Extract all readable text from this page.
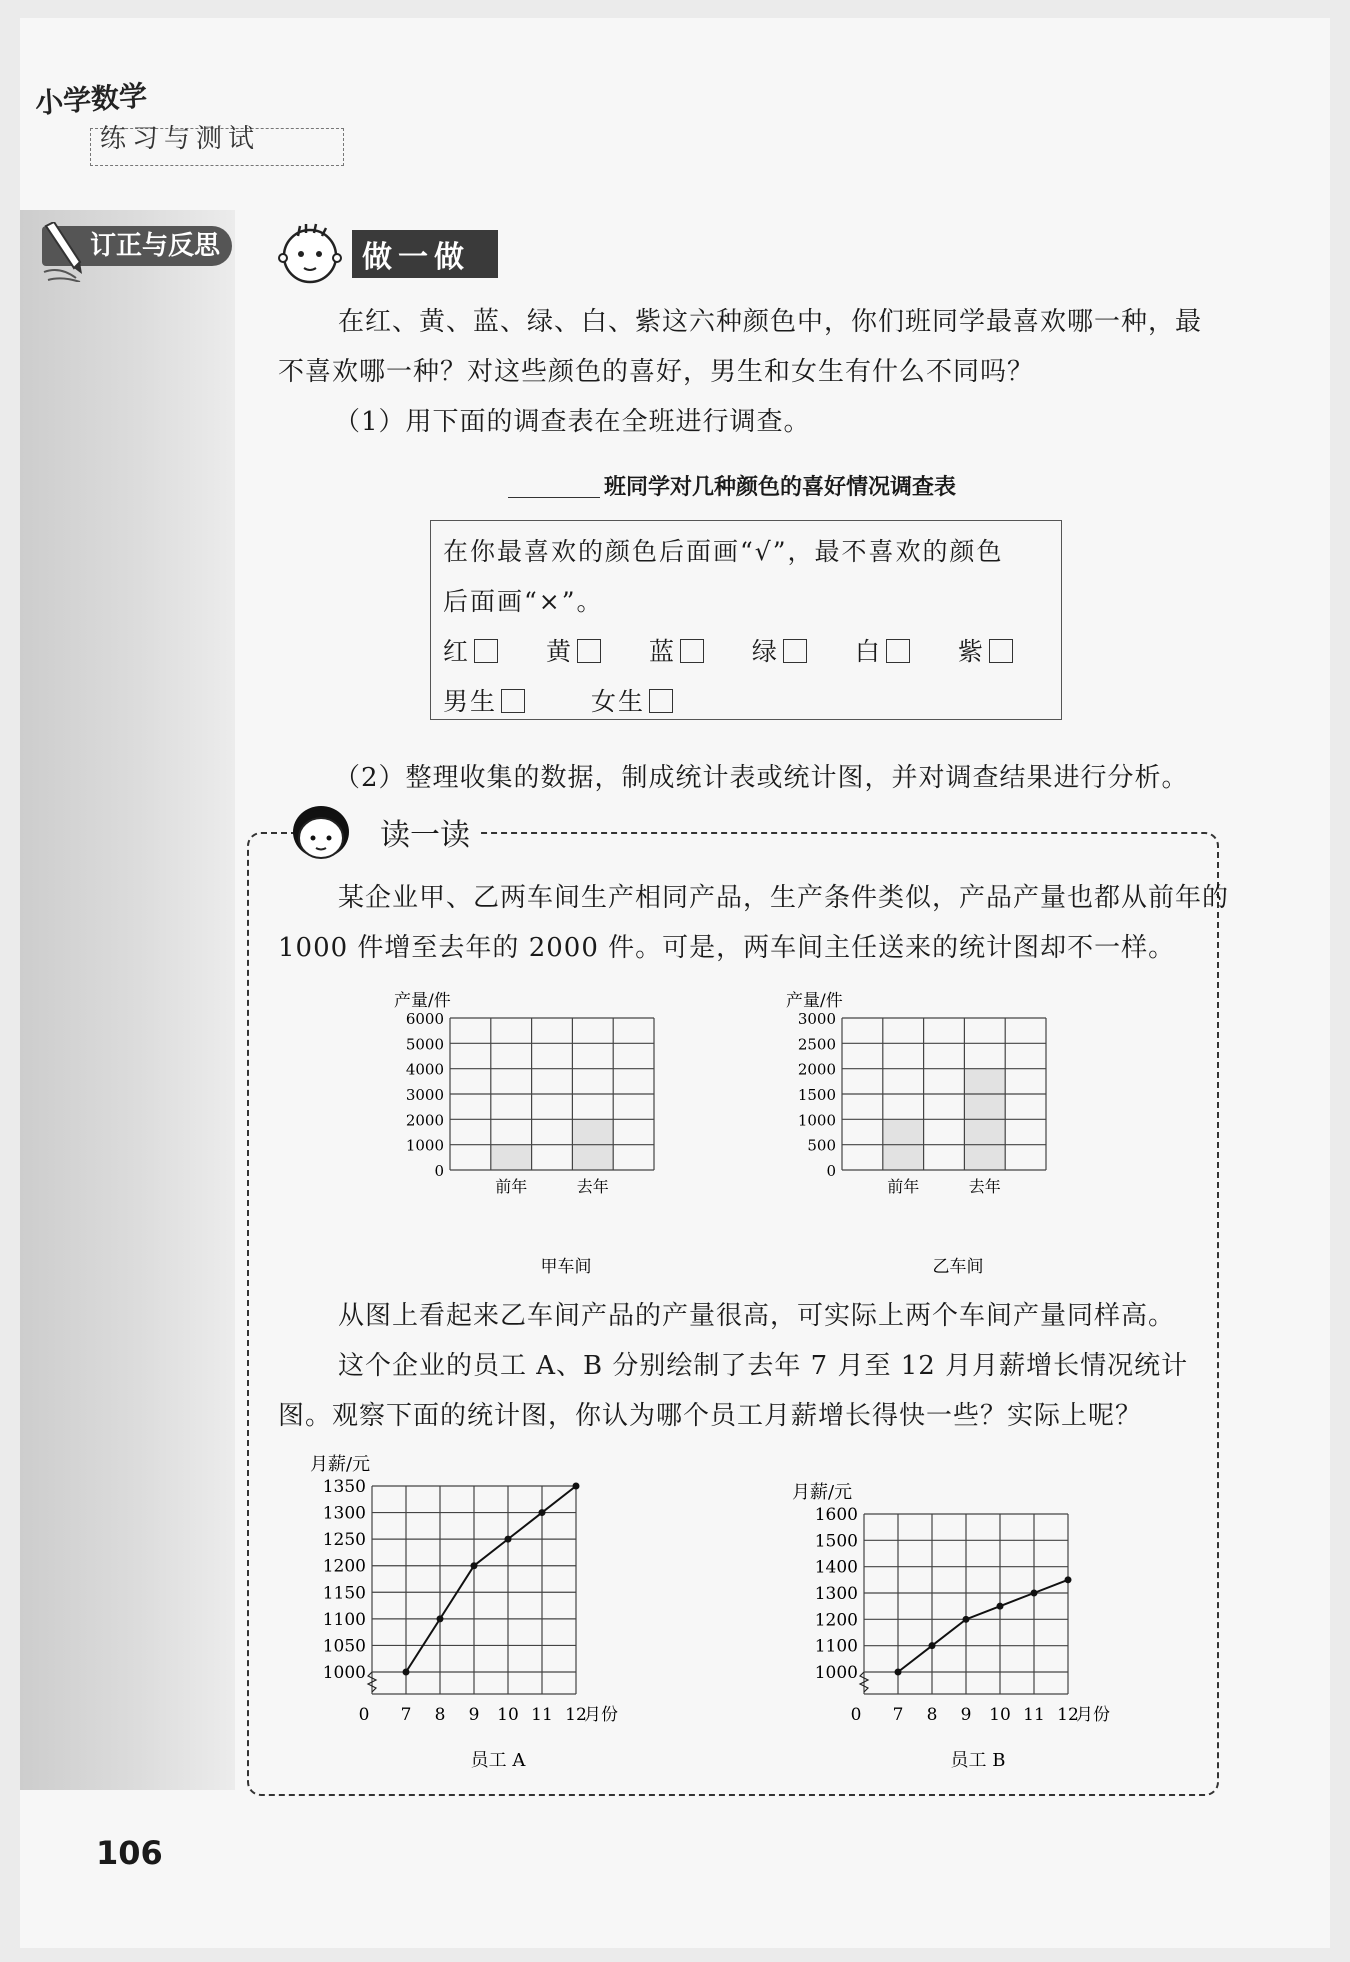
小学数学
练习与测试
订正与反思	做一做
在红、黄、蓝、绿、白、紫这六种颜色中，你们班同学最喜欢哪一种，最
不喜欢哪一种？对这些颜色的喜好，男生和女生有什么不同吗？
（1）用下面的调查表在全班进行调查。
班同学对几种颜色的喜好情况调查表
在你最喜欢的颜色后面画“√”，最不喜欢的颜色
后面画“×”。
红	黄	蓝	绿	白	紫
男生	女生
（2）整理收集的数据，制成统计表或统计图，并对调查结果进行分析。
读一读
某企业甲、乙两车间生产相同产品，生产条件类似，产品产量也都从前年的
1000 件增至去年的 2000 件。可是，两车间主任送来的统计图却不一样。
0
1000
2000
3000
4000
5000
6000
前年	去年
产量/件
甲车间
0
500
1000
1500
2000
2500
3000
前年	去年
产量/件
乙车间
从图上看起来乙车间产品的产量很高，可实际上两个车间产量同样高。
这个企业的员工 A、B 分别绘制了去年 7 月至 12 月月薪增长情况统计
图。观察下面的统计图，你认为哪个员工月薪增长得快一些？实际上呢？
1000
1050
1100
1150
1200
1250
1300
1350
0 7 8 9 10 11 12
月份
月薪/元
员工 A
1000
1100
1200
1300
1400
1500
1600
0 7 8 9 10 11 12
月份
月薪/元
员工 B
106
